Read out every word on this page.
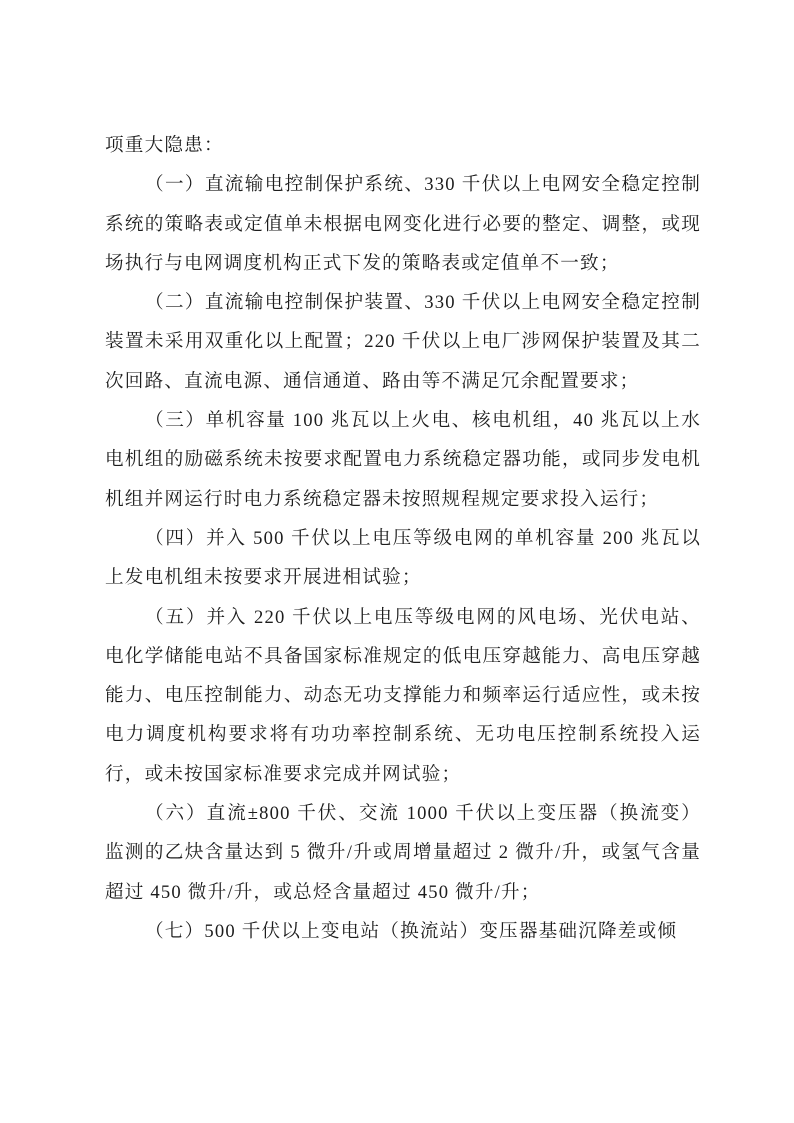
项重大隐患：

（一）直流输电控制保护系统、330 千伏以上电网安全稳定控制系统的策略表或定值单未根据电网变化进行必要的整定、调整，或现场执行与电网调度机构正式下发的策略表或定值单不一致；

（二）直流输电控制保护装置、330 千伏以上电网安全稳定控制装置未采用双重化以上配置；220 千伏以上电厂涉网保护装置及其二次回路、直流电源、通信通道、路由等不满足冗余配置要求；

（三）单机容量 100 兆瓦以上火电、核电机组，40 兆瓦以上水电机组的励磁系统未按要求配置电力系统稳定器功能，或同步发电机机组并网运行时电力系统稳定器未按照规程规定要求投入运行；

（四）并入 500 千伏以上电压等级电网的单机容量 200 兆瓦以上发电机组未按要求开展进相试验；

（五）并入 220 千伏以上电压等级电网的风电场、光伏电站、电化学储能电站不具备国家标准规定的低电压穿越能力、高电压穿越能力、电压控制能力、动态无功支撑能力和频率运行适应性，或未按电力调度机构要求将有功功率控制系统、无功电压控制系统投入运行，或未按国家标准要求完成并网试验；

（六）直流±800 千伏、交流 1000 千伏以上变压器（换流变）监测的乙炔含量达到 5 微升/升或周增量超过 2 微升/升，或氢气含量超过 450 微升/升，或总烃含量超过 450 微升/升；

（七）500 千伏以上变电站（换流站）变压器基础沉降差或倾
